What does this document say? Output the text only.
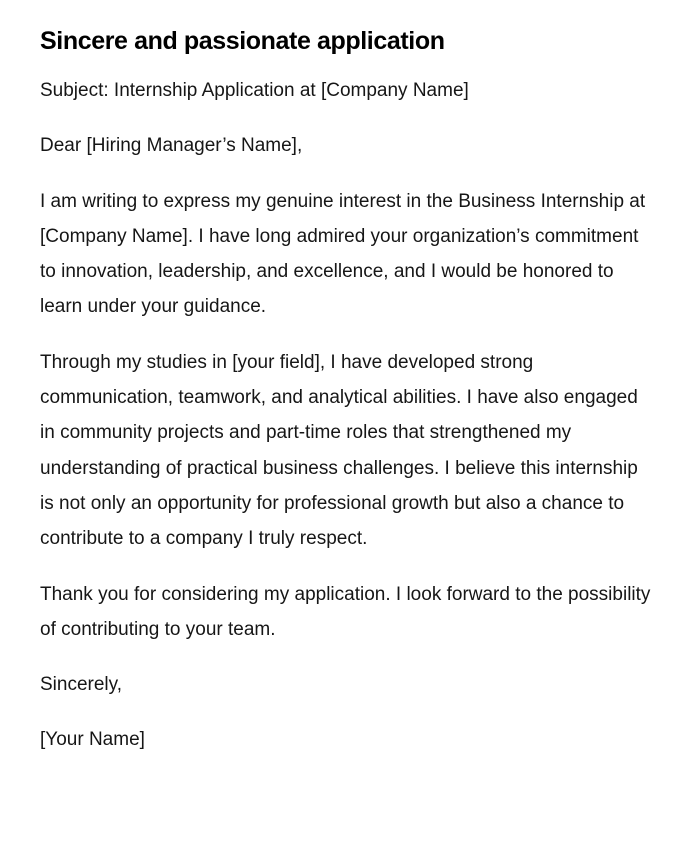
Sincere and passionate application

Subject: Internship Application at [Company Name]

Dear [Hiring Manager’s Name],

I am writing to express my genuine interest in the Business Internship at [Company Name]. I have long admired your organization’s commitment to innovation, leadership, and excellence, and I would be honored to learn under your guidance.

Through my studies in [your field], I have developed strong communication, teamwork, and analytical abilities. I have also engaged in community projects and part-time roles that strengthened my understanding of practical business challenges. I believe this internship is not only an opportunity for professional growth but also a chance to contribute to a company I truly respect.

Thank you for considering my application. I look forward to the possibility of contributing to your team.

Sincerely,

[Your Name]
